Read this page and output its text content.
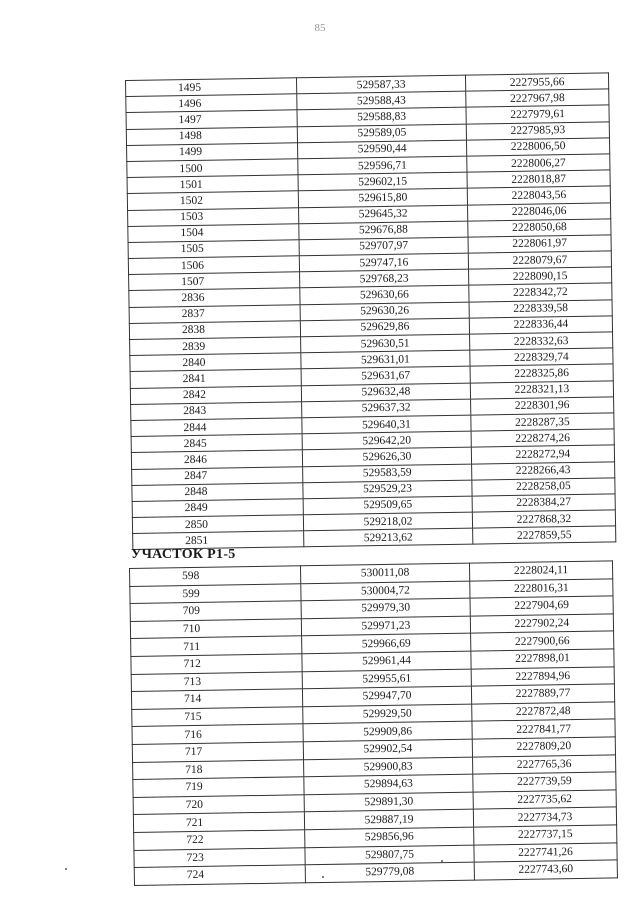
85
1495	529587,33	2227955,66
1496	529588,43	2227967,98
1497	529588,83	2227979,61
1498	529589,05	2227985,93
1499	529590,44	2228006,50
1500	529596,71	2228006,27
1501	529602,15	2228018,87
1502	529615,80	2228043,56
1503	529645,32	2228046,06
1504	529676,88	2228050,68
1505	529707,97	2228061,97
1506	529747,16	2228079,67
1507	529768,23	2228090,15
2836	529630,66	2228342,72
2837	529630,26	2228339,58
2838	529629,86	2228336,44
2839	529630,51	2228332,63
2840	529631,01	2228329,74
2841	529631,67	2228325,86
2842	529632,48	2228321,13
2843	529637,32	2228301,96
2844	529640,31	2228287,35
2845	529642,20	2228274,26
2846	529626,30	2228272,94
2847	529583,59	2228266,43
2848	529529,23	2228258,05
2849	529509,65	2228384,27
2850	529218,02	2227868,32
2851	529213,62	2227859,55
УЧАСТОК Р1-5
598	530011,08	2228024,11
599	530004,72	2228016,31
709	529979,30	2227904,69
710	529971,23	2227902,24
711	529966,69	2227900,66
712	529961,44	2227898,01
713	529955,61	2227894,96
714	529947,70	2227889,77
715	529929,50	2227872,48
716	529909,86	2227841,77
717	529902,54	2227809,20
718	529900,83	2227765,36
719	529894,63	2227739,59
720	529891,30	2227735,62
721	529887,19	2227734,73
722	529856,96	2227737,15
723	529807,75	2227741,26
724	529779,08	2227743,60
